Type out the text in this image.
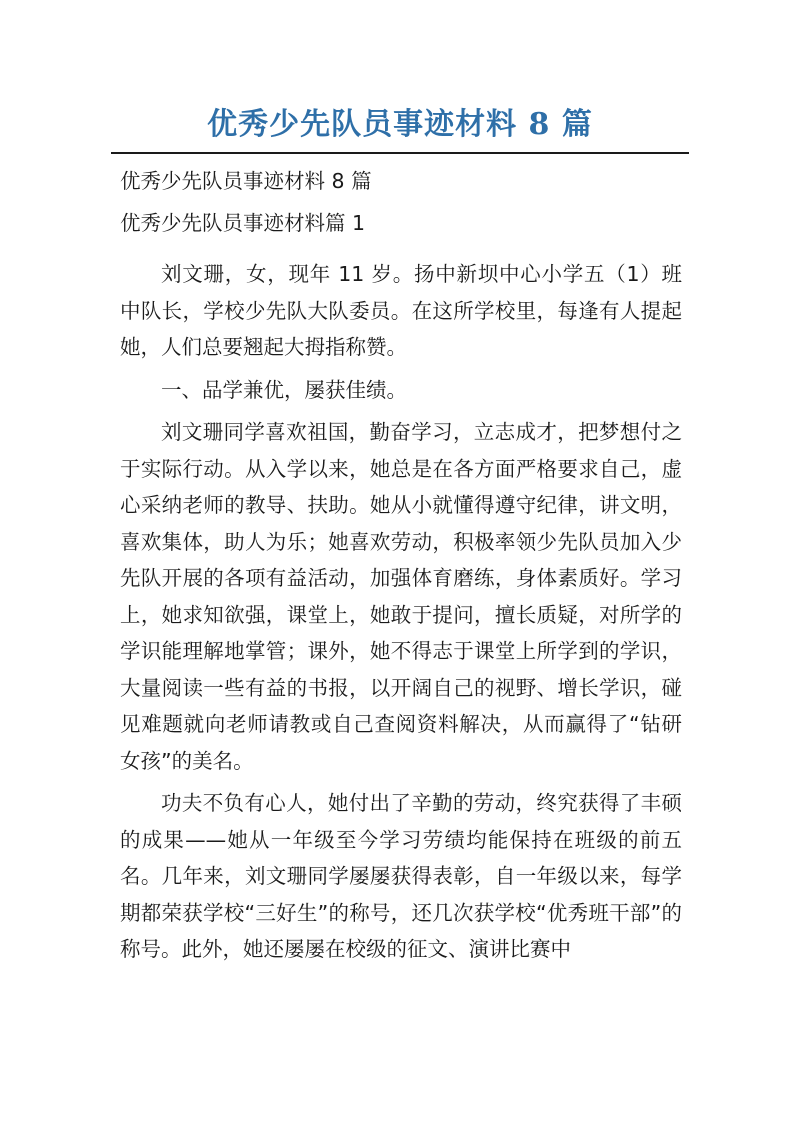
优秀少先队员事迹材料 8 篇

优秀少先队员事迹材料 8 篇

优秀少先队员事迹材料篇 1

刘文珊，女，现年 11 岁。扬中新坝中心小学五（1）班中队长，学校少先队大队委员。在这所学校里，每逢有人提起她，人们总要翘起大拇指称赞。

一、品学兼优，屡获佳绩。

刘文珊同学喜欢祖国，勤奋学习，立志成才，把梦想付之于实际行动。从入学以来，她总是在各方面严格要求自己，虚心采纳老师的教导、扶助。她从小就懂得遵守纪律，讲文明，喜欢集体，助人为乐；她喜欢劳动，积极率领少先队员加入少先队开展的各项有益活动，加强体育磨练，身体素质好。学习上，她求知欲强，课堂上，她敢于提问，擅长质疑，对所学的学识能理解地掌管；课外，她不得志于课堂上所学到的学识，大量阅读一些有益的书报，以开阔自己的视野、增长学识，碰见难题就向老师请教或自己查阅资料解决，从而赢得了“钻研女孩”的美名。

功夫不负有心人，她付出了辛勤的劳动，终究获得了丰硕的成果——她从一年级至今学习劳绩均能保持在班级的前五名。几年来，刘文珊同学屡屡获得表彰，自一年级以来，每学期都荣获学校“三好生”的称号，还几次获学校“优秀班干部”的称号。此外，她还屡屡在校级的征文、演讲比赛中
